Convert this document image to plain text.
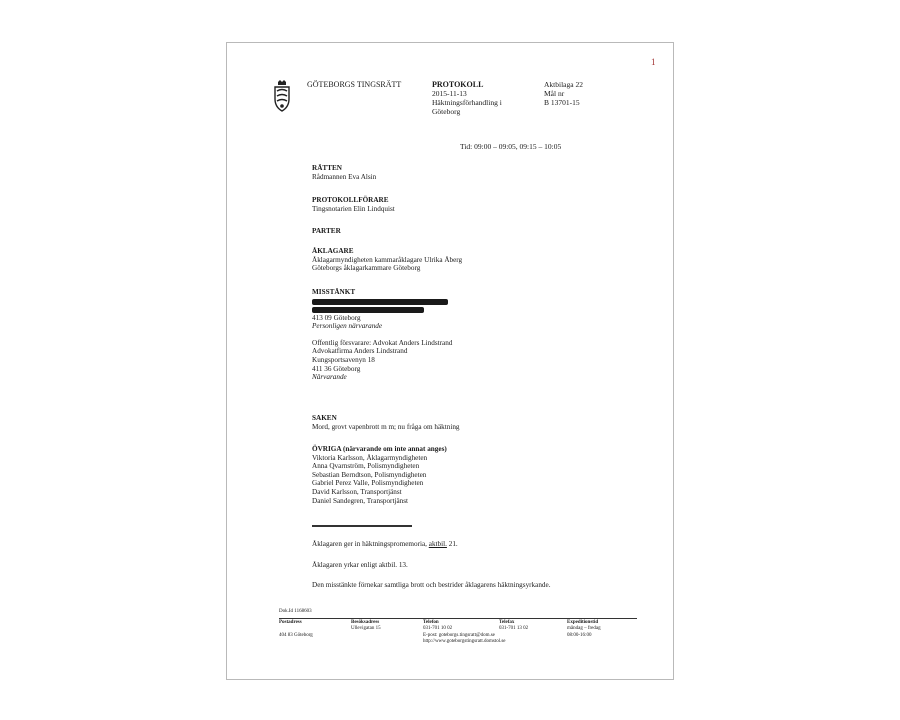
1
GÖTEBORGS TINGSRÄTT	PROTOKOLL
2015-11-13
Häktningsförhandling i
Göteborg
Aktbilaga 22
Mål nr
B 13701-15
Tid: 09:00 – 09:05, 09:15 – 10:05
RÄTTEN
Rådmannen Eva Alsin
PROTOKOLLFÖRARE
Tingsnotarien Elin Lindquist
PARTER
ÅKLAGARE
Åklagarmyndigheten kammaråklagare Ulrika Åberg
Göteborgs åklagarkammare Göteborg
MISSTÄNKT
413 09 Göteborg
Personligen närvarande
Offentlig försvarare: Advokat Anders Lindstrand
Advokatfirma Anders Lindstrand
Kungsportsavenyn 18
411 36 Göteborg
Närvarande
SAKEN
Mord, grovt vapenbrott m m; nu fråga om häktning
ÖVRIGA (närvarande om inte annat anges)
Viktoria Karlsson, Åklagarmyndigheten
Anna Qvarnström, Polismyndigheten
Sebastian Berndtson, Polismyndigheten
Gabriel Perez Valle, Polismyndigheten
David Karlsson, Transportjänst
Daniel Sandegren, Transportjänst
Åklagaren ger in häktningspromemoria, aktbil. 21.
Åklagaren yrkar enligt aktbil. 13.
Den misstänkte förnekar samtliga brott och bestrider åklagarens häktningsyrkande.
Dok.Id 1168603
Postadress
404 83 Göteborg
Besöksadress
Ullevigatan 15
Telefon
031-701 10 02
E-post: goteborgs.tingsratt@dom.se
http://www.goteborgstingsratt.domstol.se
Telefax
031-701 13 02
Expeditionstid
måndag – fredag
08:00-16:00
